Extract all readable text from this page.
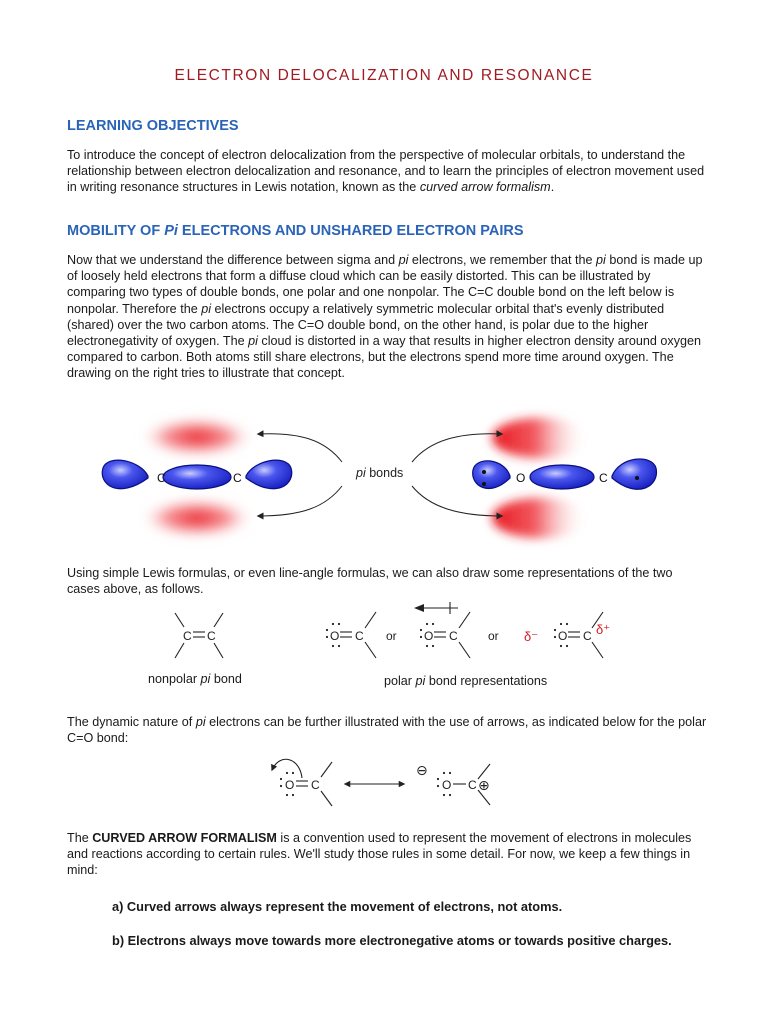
ELECTRON DELOCALIZATION AND RESONANCE
LEARNING OBJECTIVES

To introduce the concept of electron delocalization from the perspective of molecular orbitals, to understand the relationship between electron delocalization and resonance, and to learn the principles of electron movement used in writing resonance structures in Lewis notation, known as the curved arrow formalism.

MOBILITY OF Pi ELECTRONS AND UNSHARED ELECTRON PAIRS

Now that we understand the difference between sigma and pi electrons, we remember that the pi bond is made up of loosely held electrons that form a diffuse cloud which can be easily distorted. This can be illustrated by comparing two types of double bonds, one polar and one nonpolar. The C=C double bond on the left below is nonpolar. Therefore the pi electrons occupy a relatively symmetric molecular orbital that's evenly distributed (shared) over the two carbon atoms. The C=O double bond, on the other hand, is polar due to the higher electronegativity of oxygen. The pi cloud is distorted in a way that results in higher electron density around oxygen compared to carbon. Both atoms still share electrons, but the electrons spend more time around oxygen. The drawing on the right tries to illustrate that concept.

C	C	O	C
pi bonds

Using simple Lewis formulas, or even line-angle formulas, we can also draw some representations of the two cases above, as follows.

C C	O C or O C	or	O C
δ⁻	δ⁺
nonpolar pi bond	polar pi bond representations

The dynamic nature of pi electrons can be further illustrated with the use of arrows, as indicated below for the polar C=O bond:

O C	O C
⊖
⊕

The CURVED ARROW FORMALISM is a convention used to represent the movement of electrons in molecules and reactions according to certain rules. We'll study those rules in some detail. For now, we keep a few things in mind:

a) Curved arrows always represent the movement of electrons, not atoms.
b) Electrons always move towards more electronegative atoms or towards positive charges.
